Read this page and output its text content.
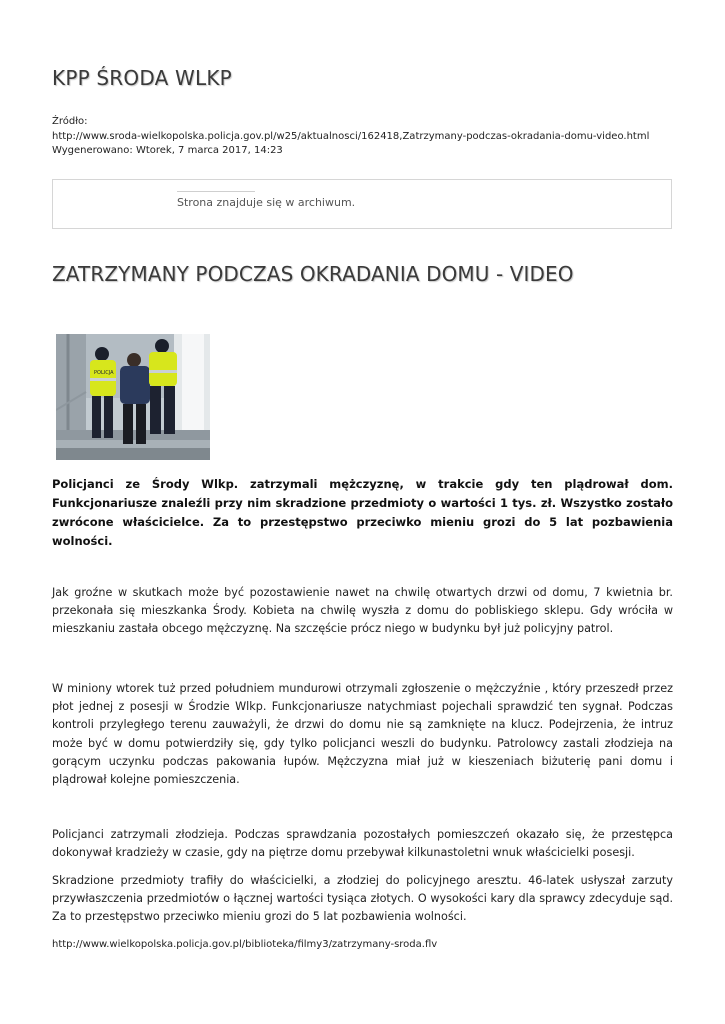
KPP ŚRODA WLKP
Źródło:
http://www.sroda-wielkopolska.policja.gov.pl/w25/aktualnosci/162418,Zatrzymany-podczas-okradania-domu-video.html
Wygenerowano: Wtorek, 7 marca 2017, 14:23
Strona znajduje się w archiwum.
ZATRZYMANY PODCZAS OKRADANIA DOMU - VIDEO
POLICJA
Policjanci ze Środy Wlkp. zatrzymali mężczyznę, w trakcie gdy ten plądrował dom. Funkcjonariusze znaleźli przy nim skradzione przedmioty o wartości 1 tys. zł. Wszystko zostało zwrócone właścicielce. Za to przestępstwo przeciwko mieniu grozi do 5 lat pozbawienia wolności.
Jak groźne w skutkach może być pozostawienie nawet na chwilę otwartych drzwi od domu, 7 kwietnia br. przekonała się mieszkanka Środy. Kobieta na chwilę wyszła z domu do pobliskiego sklepu. Gdy wróciła w mieszkaniu zastała obcego mężczyznę. Na szczęście prócz niego w budynku był już policyjny patrol.
W miniony wtorek tuż przed południem mundurowi otrzymali zgłoszenie o mężczyźnie , który przeszedł przez płot jednej z posesji w Środzie Wlkp. Funkcjonariusze natychmiast pojechali sprawdzić ten sygnał. Podczas kontroli przyległego terenu zauważyli, że drzwi do domu nie są zamknięte na klucz. Podejrzenia, że intruz może być w domu potwierdziły się, gdy tylko policjanci weszli do budynku. Patrolowcy zastali złodzieja na gorącym uczynku podczas pakowania łupów. Mężczyzna miał już w kieszeniach biżuterię pani domu i plądrował kolejne pomieszczenia.
Policjanci zatrzymali złodzieja. Podczas sprawdzania pozostałych pomieszczeń okazało się, że przestępca dokonywał kradzieży w czasie, gdy na piętrze domu przebywał kilkunastoletni wnuk właścicielki posesji.
Skradzione przedmioty trafiły do właścicielki, a złodziej do policyjnego aresztu. 46-latek usłyszał zarzuty przywłaszczenia przedmiotów o łącznej wartości tysiąca złotych. O wysokości kary dla sprawcy zdecyduje sąd. Za to przestępstwo przeciwko mieniu grozi do 5 lat pozbawienia wolności.
http://www.wielkopolska.policja.gov.pl/biblioteka/filmy3/zatrzymany-sroda.flv
